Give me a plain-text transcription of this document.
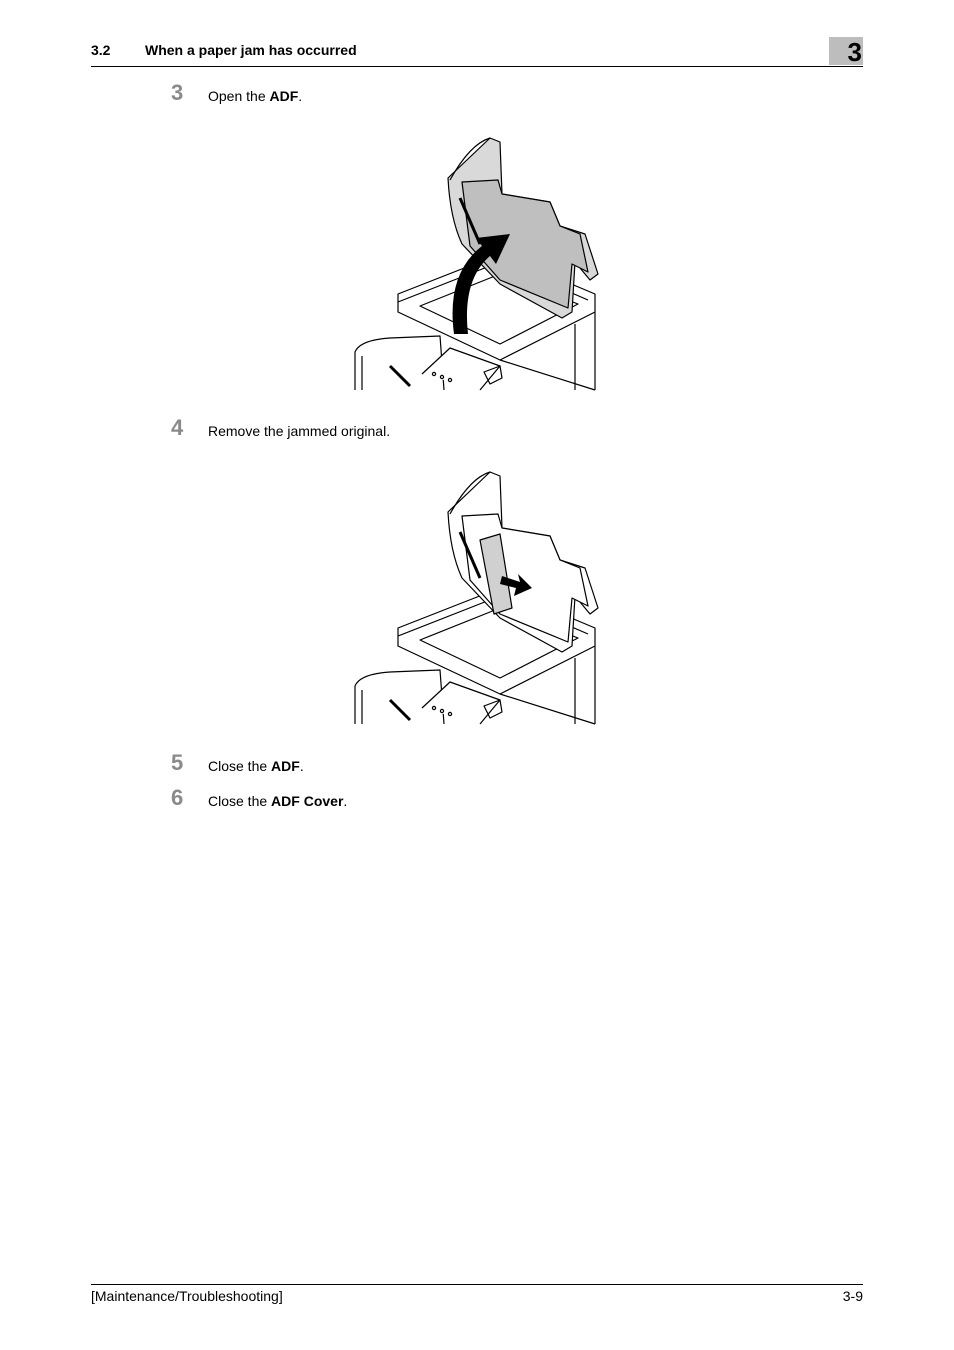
3.2 When a paper jam has occurred	3
3 Open the ADF.
4 Remove the jammed original.
5 Close the ADF.
6 Close the ADF Cover.
[Maintenance/Troubleshooting]	3-9
